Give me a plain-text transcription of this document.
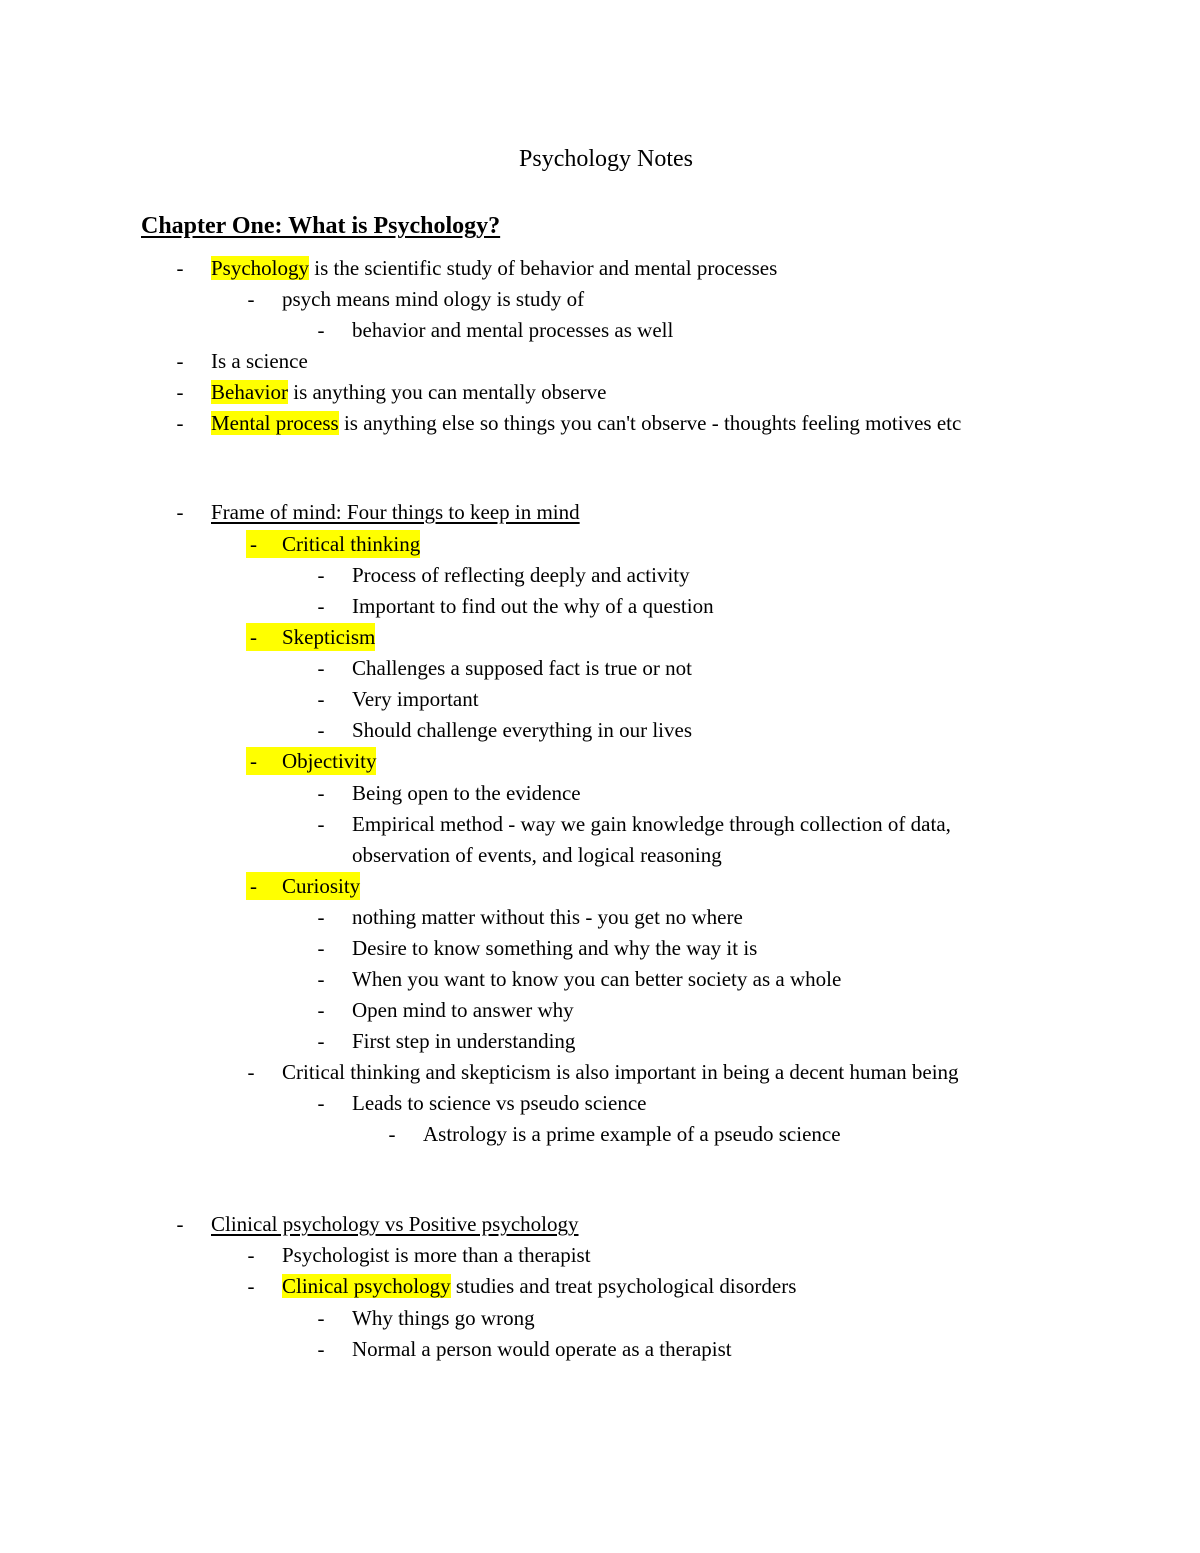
Psychology Notes
Chapter One: What is Psychology?
-	Psychology is the scientific study of behavior and mental processes
-	psych means mind ology is study of
-	behavior and mental processes as well
-	Is a science
-	Behavior is anything you can mentally observe
-	Mental process is anything else so things you can't observe - thoughts feeling motives etc
-	Frame of mind: Four things to keep in mind
-	Critical thinking
-	Process of reflecting deeply and activity
-	Important to find out the why of a question
-	Skepticism
-	Challenges a supposed fact is true or not
-	Very important
-	Should challenge everything in our lives
-	Objectivity
-	Being open to the evidence
-	Empirical method - way we gain knowledge through collection of data,
observation of events, and logical reasoning
-	Curiosity
-	nothing matter without this - you get no where
-	Desire to know something and why the way it is
-	When you want to know you can better society as a whole
-	Open mind to answer why
-	First step in understanding
-	Critical thinking and skepticism is also important in being a decent human being
-	Leads to science vs pseudo science
-	Astrology is a prime example of a pseudo science
-	Clinical psychology vs Positive psychology
-	Psychologist is more than a therapist
-	Clinical psychology studies and treat psychological disorders
-	Why things go wrong
-	Normal a person would operate as a therapist
